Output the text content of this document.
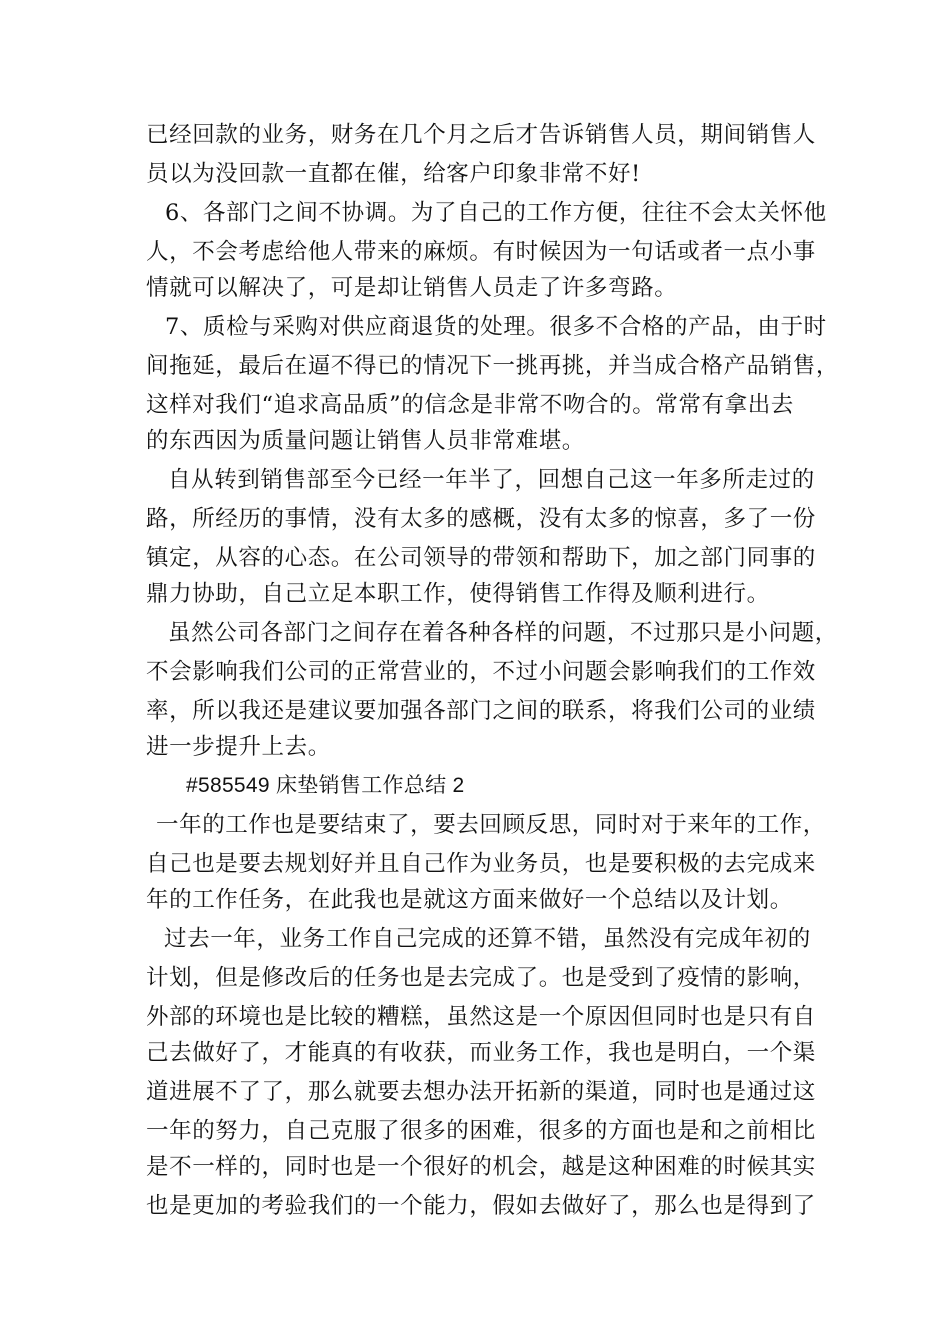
已经回款的业务，财务在几个月之后才告诉销售人员，期间销售人
员以为没回款一直都在催，给客户印象非常不好!
6、各部门之间不协调。为了自己的工作方便，往往不会太关怀他
人，不会考虑给他人带来的麻烦。有时候因为一句话或者一点小事
情就可以解决了，可是却让销售人员走了许多弯路。
7、质检与采购对供应商退货的处理。很多不合格的产品，由于时
间拖延，最后在逼不得已的情况下一挑再挑，并当成合格产品销售，
这样对我们“追求高品质”的信念是非常不吻合的。常常有拿出去
的东西因为质量问题让销售人员非常难堪。
自从转到销售部至今已经一年半了，回想自己这一年多所走过的
路，所经历的事情，没有太多的感概，没有太多的惊喜，多了一份
镇定，从容的心态。在公司领导的带领和帮助下，加之部门同事的
鼎力协助，自己立足本职工作，使得销售工作得及顺利进行。
虽然公司各部门之间存在着各种各样的问题，不过那只是小问题，
不会影响我们公司的正常营业的，不过小问题会影响我们的工作效
率，所以我还是建议要加强各部门之间的联系，将我们公司的业绩
进一步提升上去。
#585549 床垫销售工作总结 2
一年的工作也是要结束了，要去回顾反思，同时对于来年的工作，
自己也是要去规划好并且自己作为业务员，也是要积极的去完成来
年的工作任务，在此我也是就这方面来做好一个总结以及计划。
过去一年，业务工作自己完成的还算不错，虽然没有完成年初的
计划，但是修改后的任务也是去完成了。也是受到了疫情的影响，
外部的环境也是比较的糟糕，虽然这是一个原因但同时也是只有自
己去做好了，才能真的有收获，而业务工作，我也是明白，一个渠
道进展不了了，那么就要去想办法开拓新的渠道，同时也是通过这
一年的努力，自己克服了很多的困难，很多的方面也是和之前相比
是不一样的，同时也是一个很好的机会，越是这种困难的时候其实
也是更加的考验我们的一个能力，假如去做好了，那么也是得到了
